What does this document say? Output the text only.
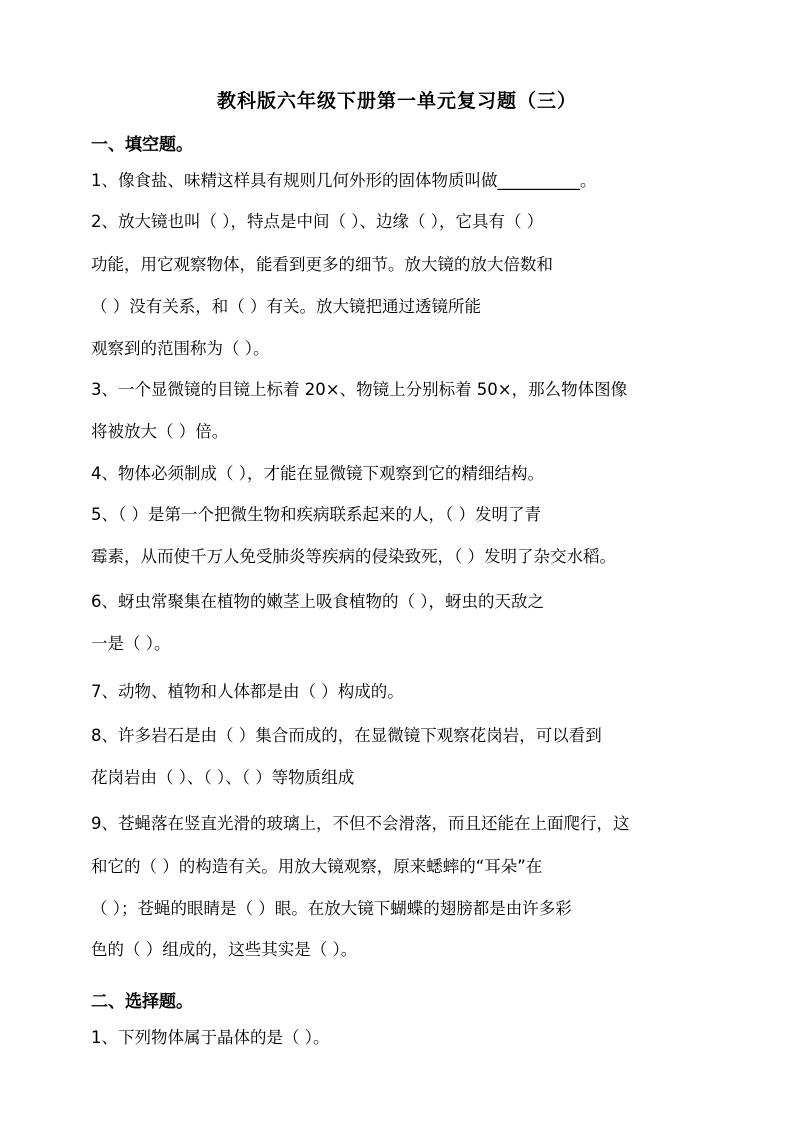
教科版六年级下册第一单元复习题（三）
一、填空题。
1、像食盐、味精这样具有规则几何外形的固体物质叫做__________。
2、放大镜也叫（ ），特点是中间（ ）、边缘（ ），它具有（ ）
功能，用它观察物体，能看到更多的细节。放大镜的放大倍数和
（ ）没有关系，和（ ）有关。放大镜把通过透镜所能
观察到的范围称为（ ）。
3、一个显微镜的目镜上标着 20×、物镜上分别标着 50×，那么物体图像
将被放大（ ）倍。
4、物体必须制成（ ），才能在显微镜下观察到它的精细结构。
5、（ ）是第一个把微生物和疾病联系起来的人，（ ）发明了青
霉素，从而使千万人免受肺炎等疾病的侵染致死，（ ）发明了杂交水稻。
6、蚜虫常聚集在植物的嫩茎上吸食植物的（ ），蚜虫的天敌之
一是（ ）。
7、动物、植物和人体都是由（ ）构成的。
8、许多岩石是由（ ）集合而成的，在显微镜下观察花岗岩，可以看到
花岗岩由（ ）、（ ）、（ ）等物质组成
9、苍蝇落在竖直光滑的玻璃上，不但不会滑落，而且还能在上面爬行，这
和它的（ ）的构造有关。用放大镜观察，原来蟋蟀的“耳朵”在
（ ）；苍蝇的眼睛是（ ）眼。在放大镜下蝴蝶的翅膀都是由许多彩
色的（ ）组成的，这些其实是（ ）。
二、选择题。
1、下列物体属于晶体的是（ ）。
